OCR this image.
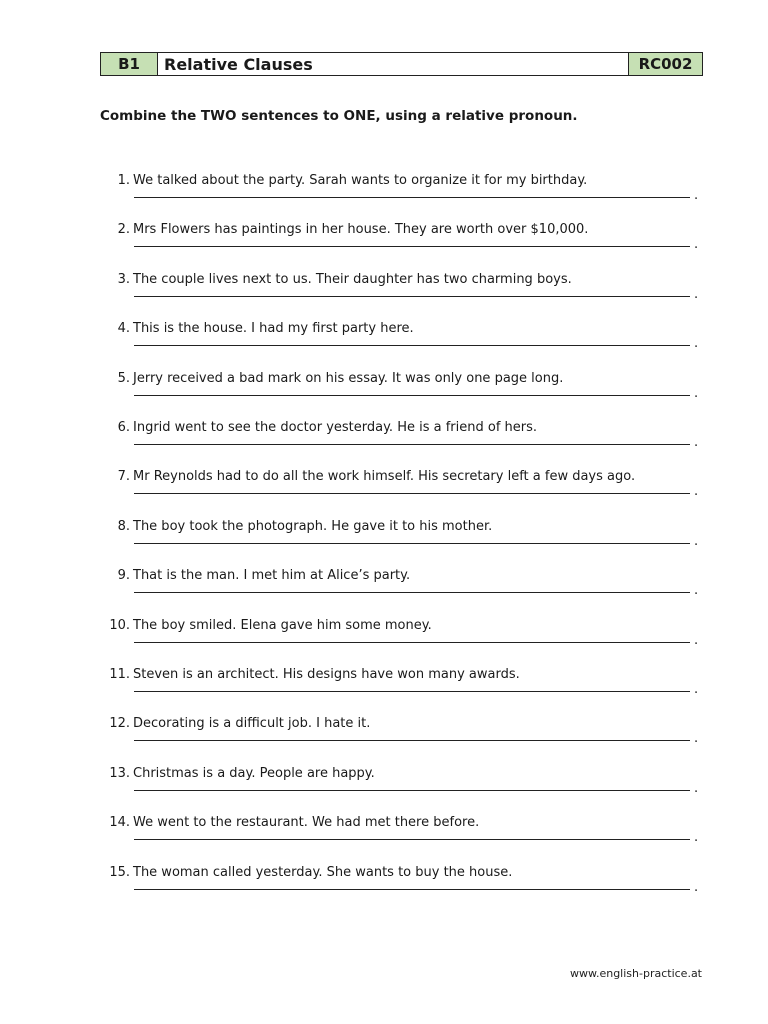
B1	Relative Clauses	RC002
Combine the TWO sentences to ONE, using a relative pronoun.
1. We talked about the party. Sarah wants to organize it for my birthday.
.
2. Mrs Flowers has paintings in her house. They are worth over $10,000.
.
3. The couple lives next to us. Their daughter has two charming boys.
.
4. This is the house. I had my first party here.
.
5. Jerry received a bad mark on his essay. It was only one page long.
.
6. Ingrid went to see the doctor yesterday. He is a friend of hers.
.
7. Mr Reynolds had to do all the work himself. His secretary left a few days ago.
.
8. The boy took the photograph. He gave it to his mother.
.
9. That is the man. I met him at Alice’s party.
.
10. The boy smiled. Elena gave him some money.
.
11. Steven is an architect. His designs have won many awards.
.
12. Decorating is a difficult job. I hate it.
.
13. Christmas is a day. People are happy.
.
14. We went to the restaurant. We had met there before.
.
15. The woman called yesterday. She wants to buy the house.
.
www.english-practice.at
